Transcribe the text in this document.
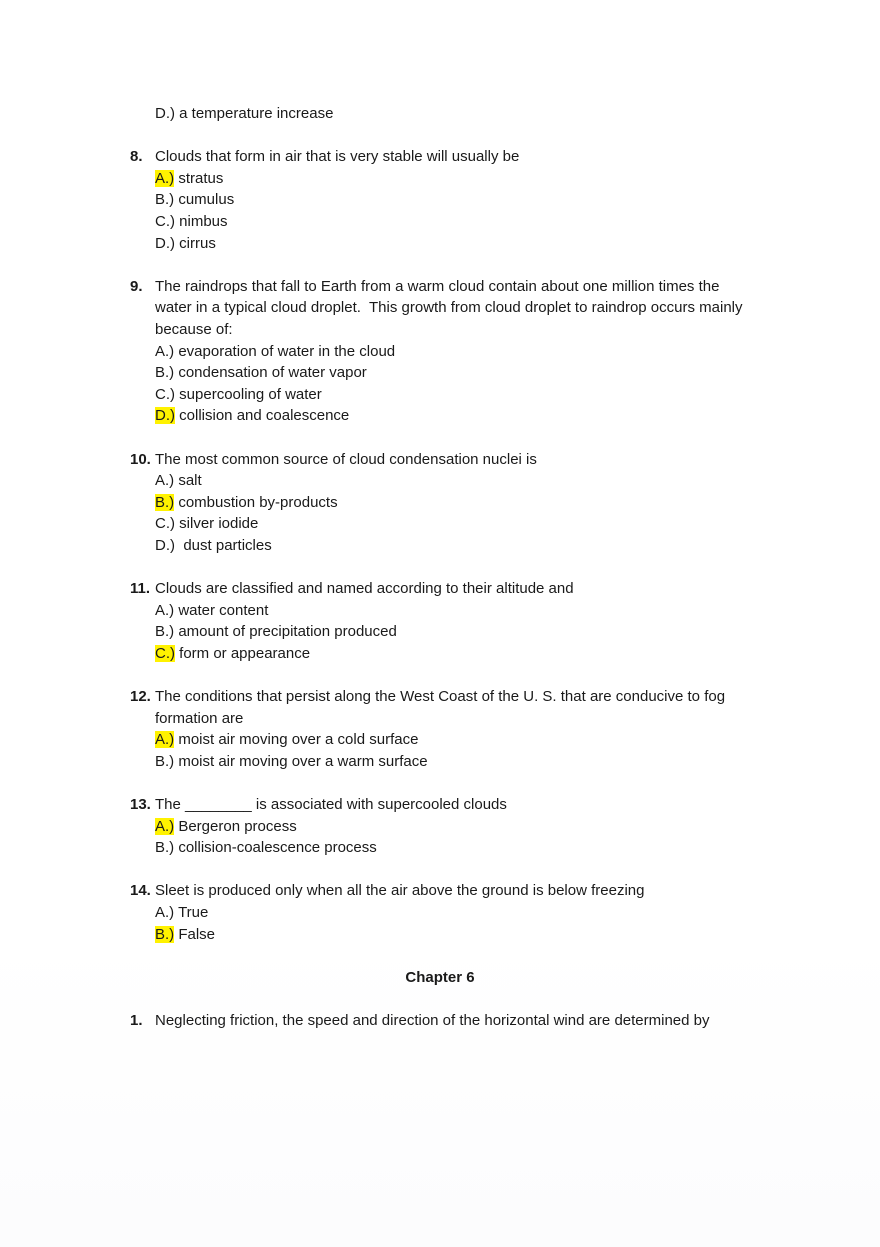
D.) a temperature increase
8. Clouds that form in air that is very stable will usually be
A.) stratus
B.) cumulus
C.) nimbus
D.) cirrus
9. The raindrops that fall to Earth from a warm cloud contain about one million times the
water in a typical cloud droplet.  This growth from cloud droplet to raindrop occurs mainly
because of:
A.) evaporation of water in the cloud
B.) condensation of water vapor
C.) supercooling of water
D.) collision and coalescence
10. The most common source of cloud condensation nuclei is
A.) salt
B.) combustion by-products
C.) silver iodide
D.)  dust particles
11. Clouds are classified and named according to their altitude and
A.) water content
B.) amount of precipitation produced
C.) form or appearance
12. The conditions that persist along the West Coast of the U. S. that are conducive to fog
formation are
A.) moist air moving over a cold surface
B.) moist air moving over a warm surface
13. The ________ is associated with supercooled clouds
A.) Bergeron process
B.) collision-coalescence process
14. Sleet is produced only when all the air above the ground is below freezing
A.) True
B.) False
Chapter 6
1. Neglecting friction, the speed and direction of the horizontal wind are determined by
